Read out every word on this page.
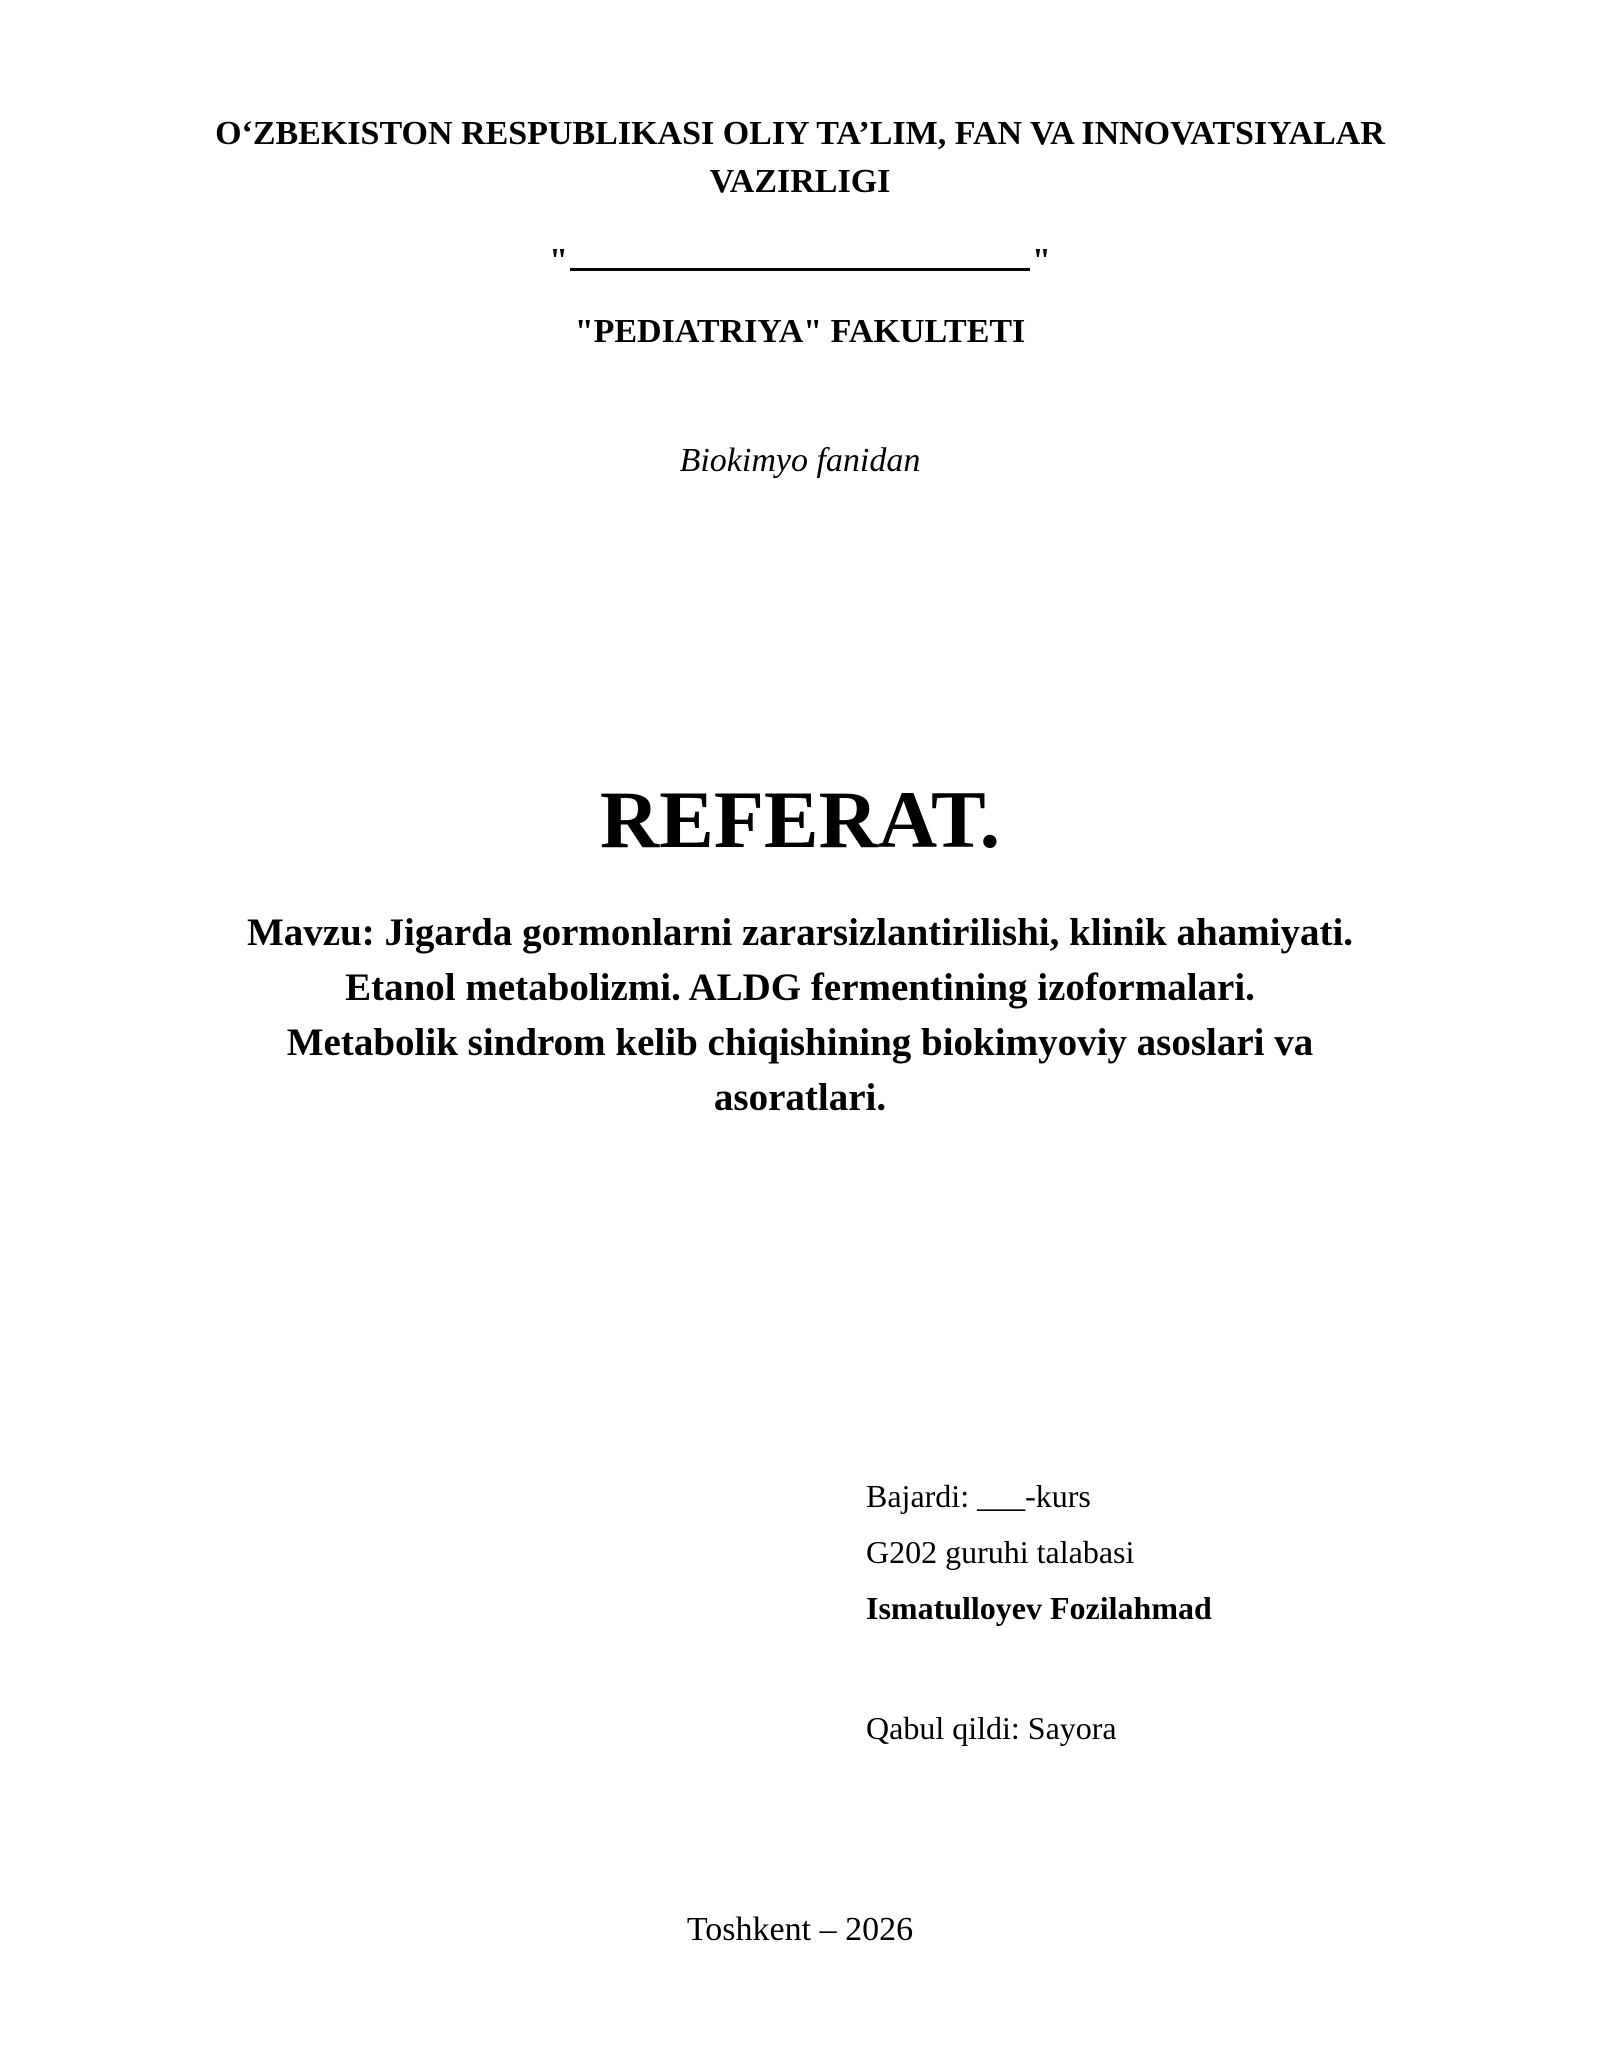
O‘ZBEKISTON RESPUBLIKASI OLIY TA’LIM, FAN VA INNOVATSIYALAR
VAZIRLIGI
"	"
"PEDIATRIYA" FAKULTETI
Biokimyo fanidan
REFERAT.
Mavzu: Jigarda gormonlarni zararsizlantirilishi, klinik ahamiyati.
Etanol metabolizmi. ALDG fermentining izoformalari.
Metabolik sindrom kelib chiqishining biokimyoviy asoslari va
asoratlari.
Bajardi: ___-kurs
G202 guruhi talabasi
Ismatulloyev Fozilahmad
Qabul qildi: Sayora
Toshkent – 2026
